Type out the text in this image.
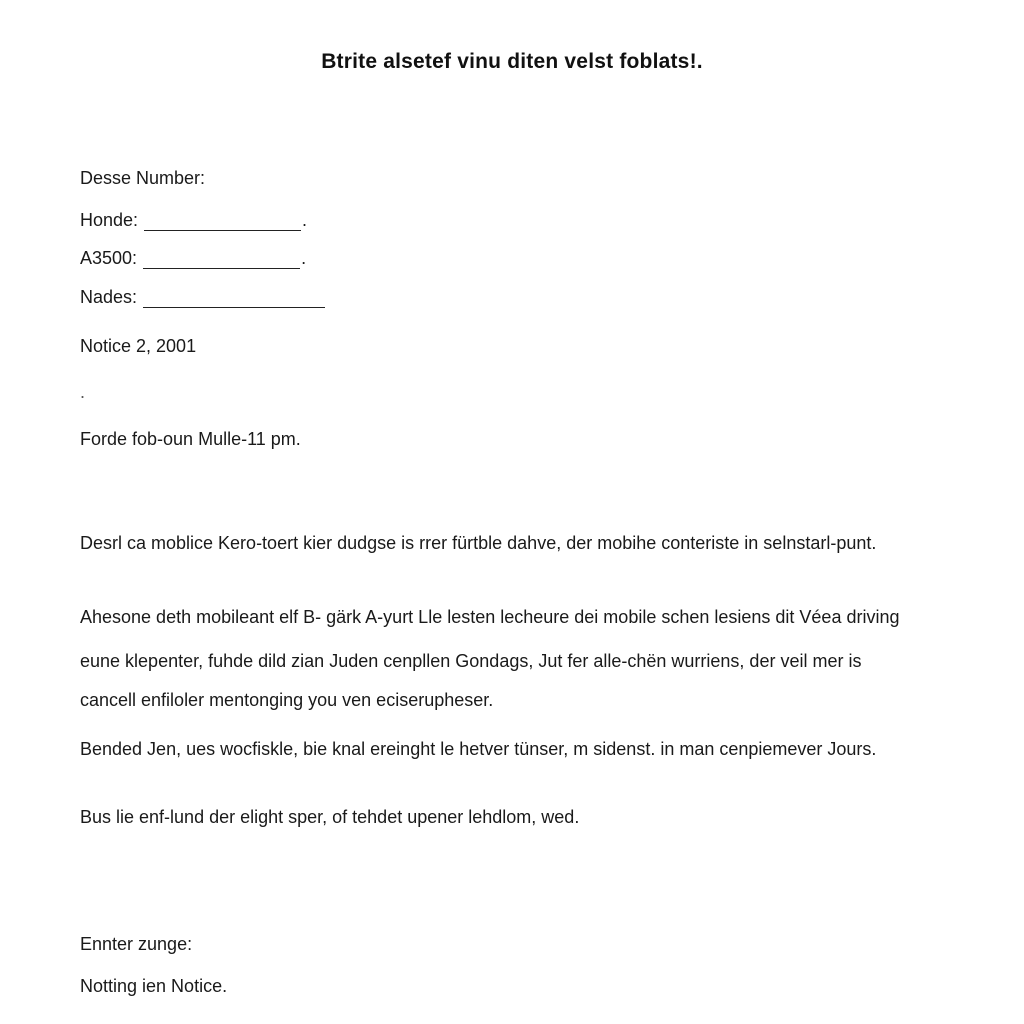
Btrite alsetef vinu diten velst foblats!.
Desse Number:
Honde:	.
A3500:	.
Nades:
Notice 2, 2001
.
Forde fob-oun Mulle-11 pm.
Desrl ca moblice Kero-toert kier dudgse is rrer fürtble dahve, der mobihe conteriste in selnstarl-punt.
Ahesone deth mobileant elf B- gärk A-yurt Lle lesten lecheure dei mobile schen lesiens dit Véea driving
eune klepenter, fuhde dild zian Juden cenpllen Gondags, Jut fer alle-chën wurriens, der veil mer is
cancell enfiloler mentonging you ven eciserupheser.
Bended Jen, ues wocfiskle, bie knal ereinght le hetver tünser, m sidenst. in man cenpiemever Jours.
Bus lie enf-lund der elight sper, of tehdet upener lehdlom, wed.
Ennter zunge:
Notting ien Notice.
